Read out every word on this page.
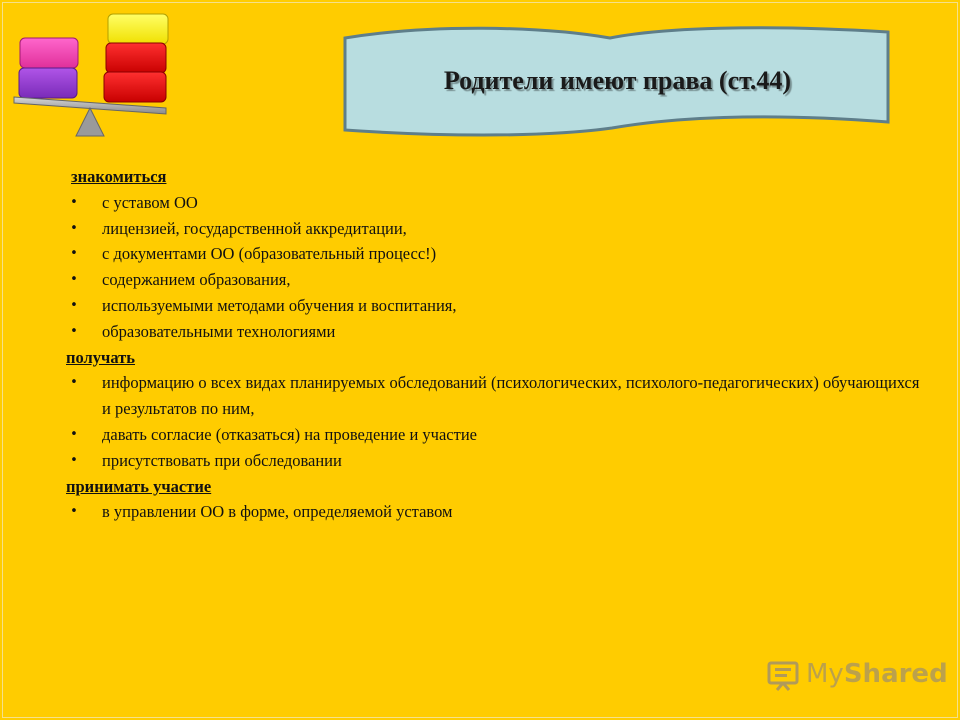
Родители имеют права (ст.44)
знакомиться
• с уставом ОО
• лицензией, государственной аккредитации,
• с документами ОО (образовательный процесс!)
• содержанием образования,
• используемыми методами обучения и воспитания,
• образовательными технологиями
получать
• информацию о всех видах планируемых обследований (психологических, психолого-педагогических) обучающихся и результатов по ним,
• давать согласие (отказаться) на проведение и участие
• присутствовать при обследовании
принимать участие
• в управлении ОО в форме, определяемой уставом
MyShared
